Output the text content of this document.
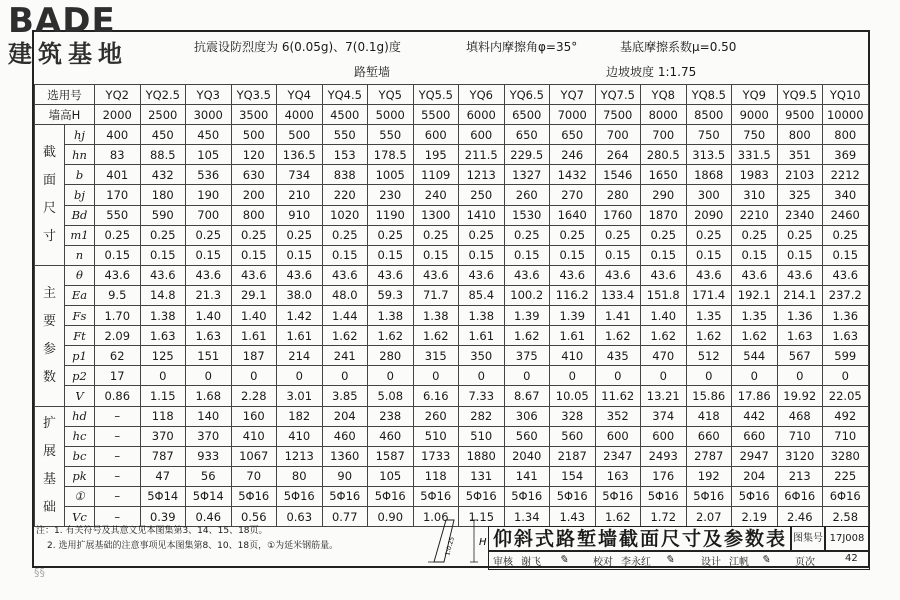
BADE
建筑基地	抗震设防烈度为 6(0.05g)、7(0.1g)度	填料内摩擦角φ=35°	基底摩擦系数μ=0.50
路堑墙	边坡坡度 1:1.75
选用号		YQ2	YQ2.5	YQ3	YQ3.5	YQ4	YQ4.5	YQ5	YQ5.5	YQ6	YQ6.5	YQ7	YQ7.5	YQ8	YQ8.5	YQ9	YQ9.5	YQ10
墙高H		2000	2500	3000	3500	4000	4500	5000	5500	6000	6500	7000	7500	8000	8500	9000	9500	10000

截
面
尺
寸	hj	400	450	450	500	500	550	550	600	600	650	650	700	700	750	750	800	800
	hn	83	88.5	105	120	136.5	153	178.5	195	211.5	229.5	246	264	280.5	313.5	331.5	351	369
	b	401	432	536	630	734	838	1005	1109	1213	1327	1432	1546	1650	1868	1983	2103	2212
	bj	170	180	190	200	210	220	230	240	250	260	270	280	290	300	310	325	340
	Bd	550	590	700	800	910	1020	1190	1300	1410	1530	1640	1760	1870	2090	2210	2340	2460
	m1	0.25	0.25	0.25	0.25	0.25	0.25	0.25	0.25	0.25	0.25	0.25	0.25	0.25	0.25	0.25	0.25	0.25
	n	0.15	0.15	0.15	0.15	0.15	0.15	0.15	0.15	0.15	0.15	0.15	0.15	0.15	0.15	0.15	0.15	0.15

主
要
参
数	θ	43.6	43.6	43.6	43.6	43.6	43.6	43.6	43.6	43.6	43.6	43.6	43.6	43.6	43.6	43.6	43.6	43.6
	Ea	9.5	14.8	21.3	29.1	38.0	48.0	59.3	71.7	85.4	100.2	116.2	133.4	151.8	171.4	192.1	214.1	237.2
	Fs	1.70	1.38	1.40	1.40	1.42	1.44	1.38	1.38	1.38	1.39	1.39	1.41	1.40	1.35	1.35	1.36	1.36
	Ft	2.09	1.63	1.63	1.61	1.61	1.62	1.62	1.62	1.61	1.62	1.61	1.62	1.62	1.62	1.62	1.63	1.63
	p1	62	125	151	187	214	241	280	315	350	375	410	435	470	512	544	567	599
	p2	17	0	0	0	0	0	0	0	0	0	0	0	0	0	0	0	0
	V	0.86	1.15	1.68	2.28	3.01	3.85	5.08	6.16	7.33	8.67	10.05	11.62	13.21	15.86	17.86	19.92	22.05

扩
展
基
础	hd	–	118	140	160	182	204	238	260	282	306	328	352	374	418	442	468	492
	hc	–	370	370	410	410	460	460	510	510	560	560	600	600	660	660	710	710
	bc	–	787	933	1067	1213	1360	1587	1733	1880	2040	2187	2347	2493	2787	2947	3120	3280
	pk	–	47	56	70	80	90	105	118	131	141	154	163	176	192	204	213	225
	①	–	5Φ14	5Φ14	5Φ16	5Φ16	5Φ16	5Φ16	5Φ16	5Φ16	5Φ16	5Φ16	5Φ16	5Φ16	5Φ16	5Φ16	6Φ16	6Φ16
	Vc	–	0.39	0.46	0.56	0.63	0.77	0.90	1.06	1.15	1.34	1.43	1.62	1.72	2.07	2.19	2.46	2.58
注：1. 有关符号及其意义见本图集第3、14、15、18页。
2. 选用扩展基础的注意事项见本图集第8、10、18页，①为延米钢筋量。	H
1:0.25 仰斜式路堑墙截面尺寸及参数表 图集号 17J008
审核 谢飞 ✎ 校对 李永红 ✎	设计 江帆 ✎ 页次	42
§§
